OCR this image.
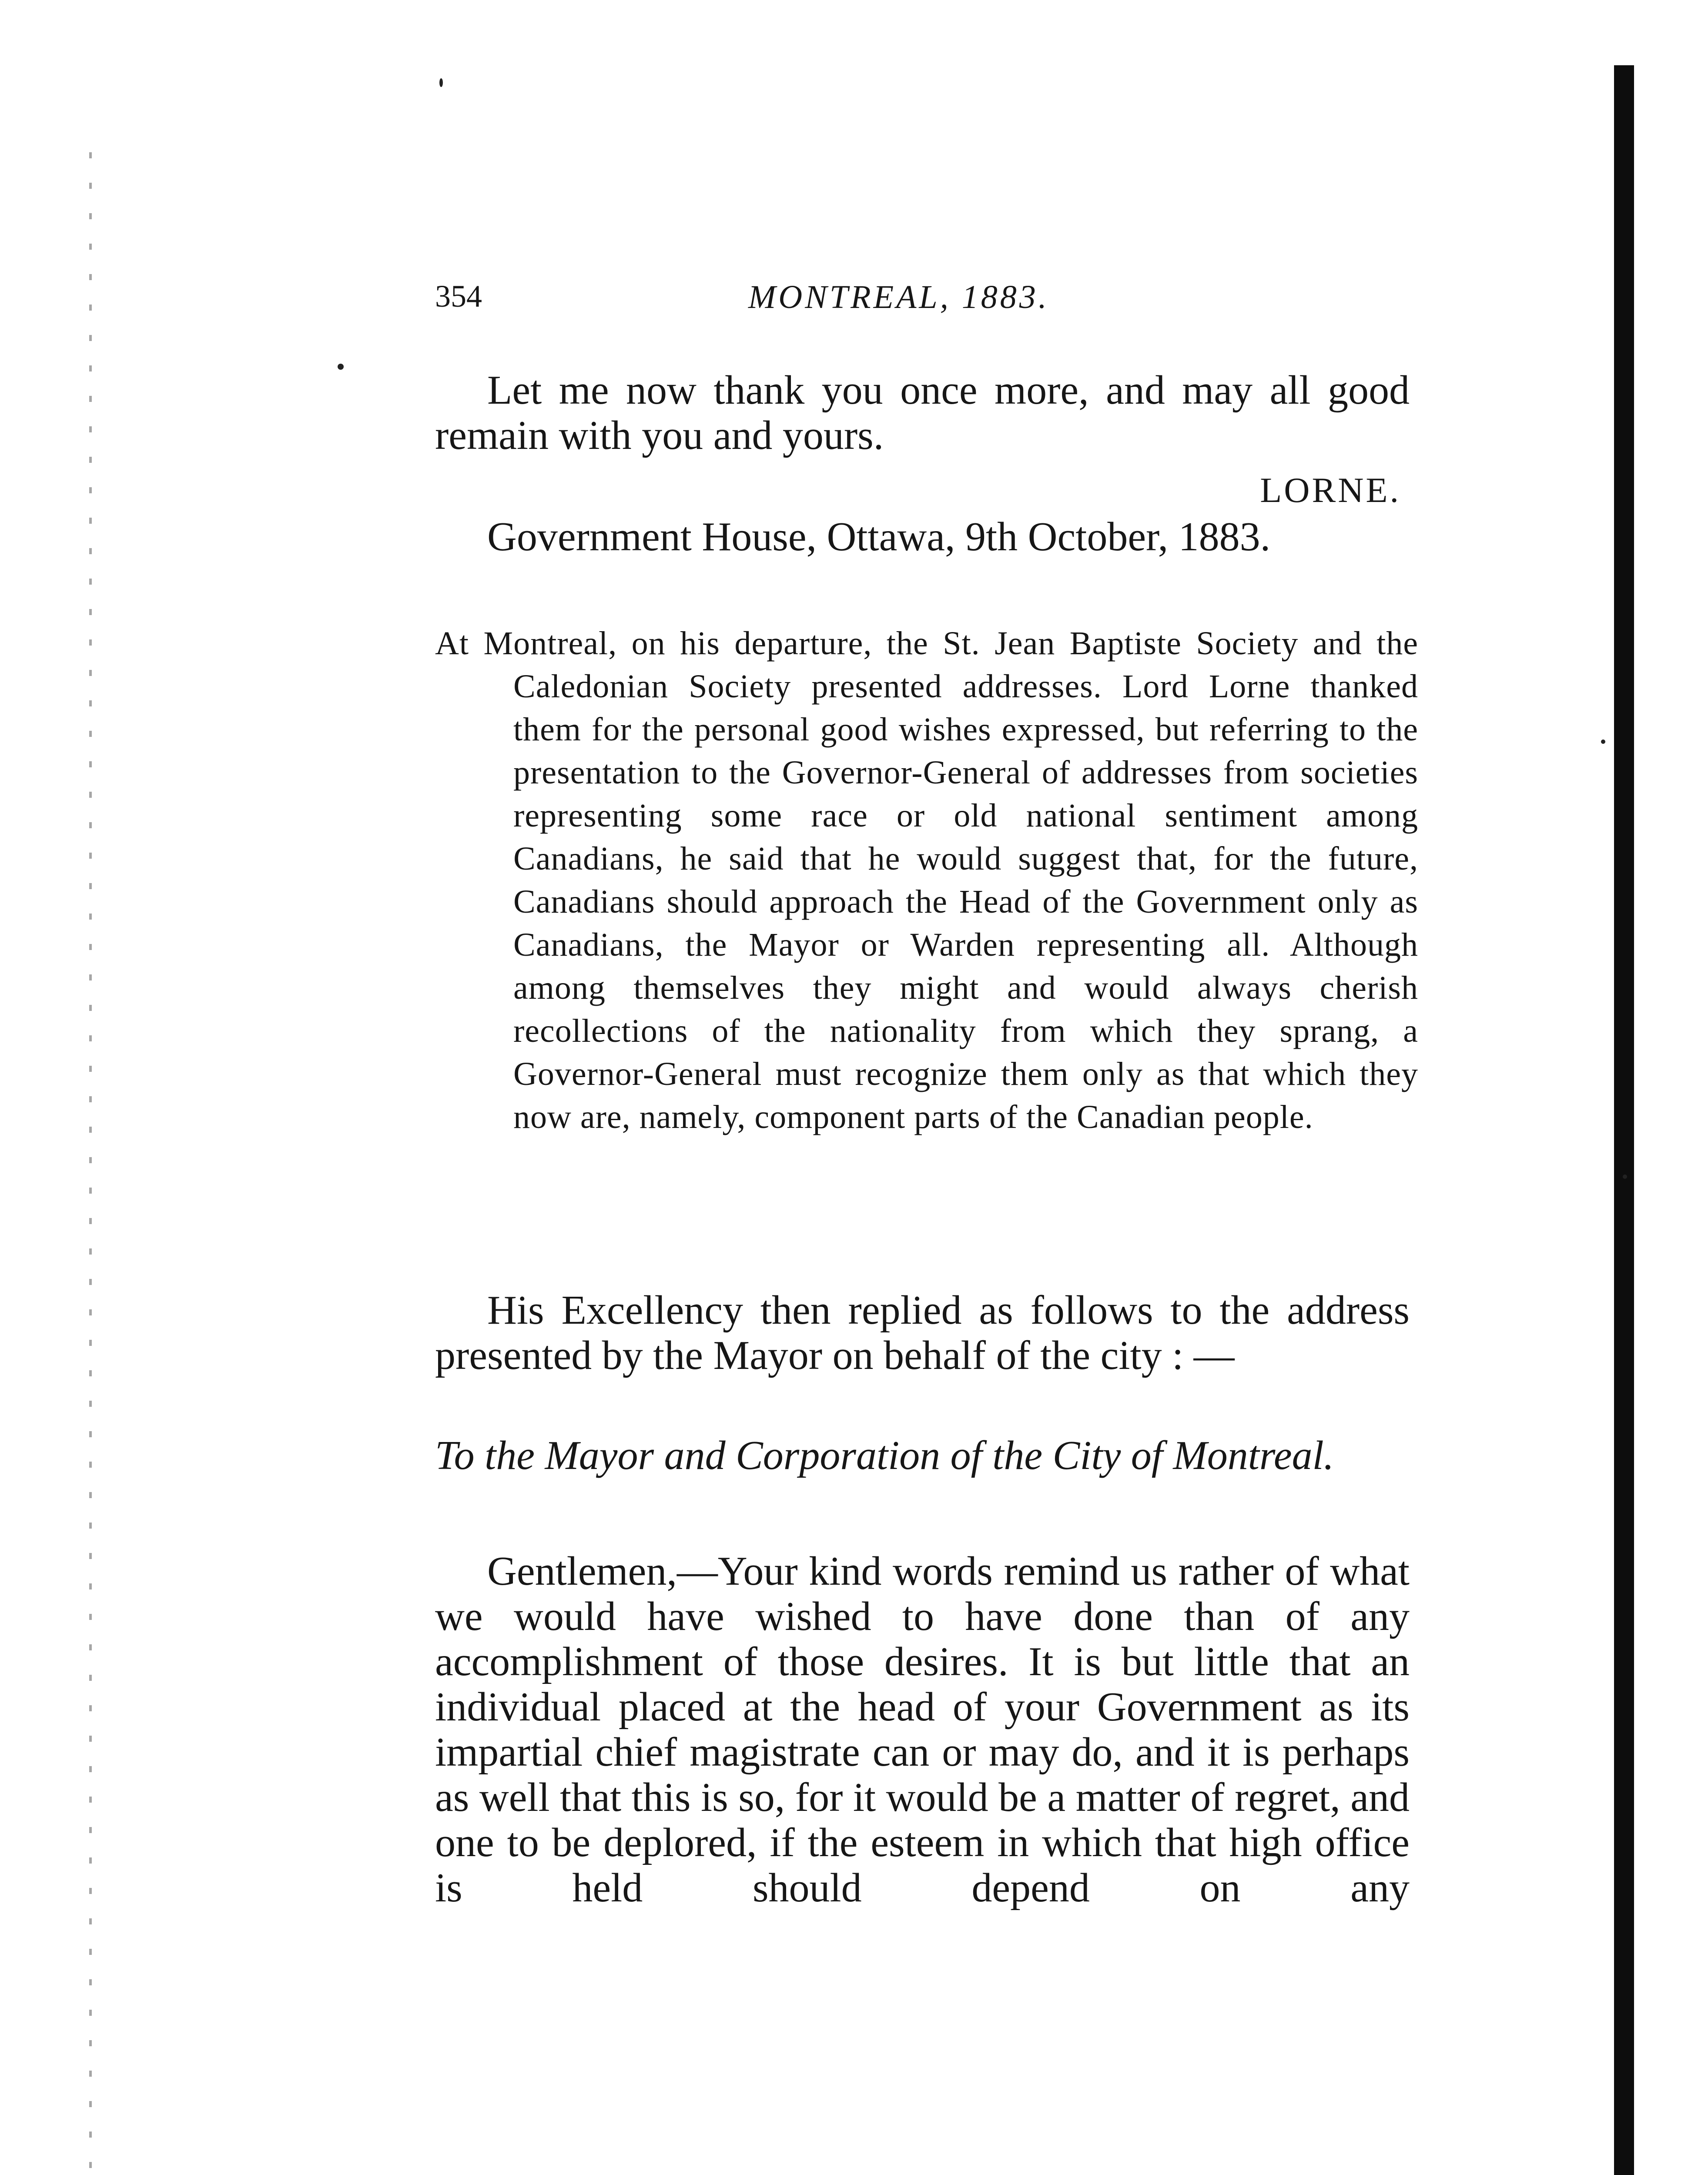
354	MONTREAL, 1883.

Let me now thank you once more, and may all good remain with you and yours.

LORNE.
Government House, Ottawa, 9th October, 1883.

At Montreal, on his departure, the St. Jean Baptiste Society and the Caledonian Society presented addresses. Lord Lorne thanked them for the personal good wishes expressed, but referring to the presentation to the Governor-General of addresses from societies representing some race or old national sentiment among Canadians, he said that he would suggest that, for the future, Canadians should approach the Head of the Government only as Canadians, the Mayor or Warden representing all. Although among themselves they might and would always cherish recollections of the nationality from which they sprang, a Governor-General must recognize them only as that which they now are, namely, component parts of the Canadian people.

His Excellency then replied as follows to the address presented by the Mayor on behalf of the city : —

To the Mayor and Corporation of the City of Montreal.

Gentlemen,—Your kind words remind us rather of what we would have wished to have done than of any accomplishment of those desires. It is but little that an individual placed at the head of your Government as its impartial chief magistrate can or may do, and it is perhaps as well that this is so, for it would be a matter of regret, and one to be deplored, if the esteem in which that high office is held should depend on any
